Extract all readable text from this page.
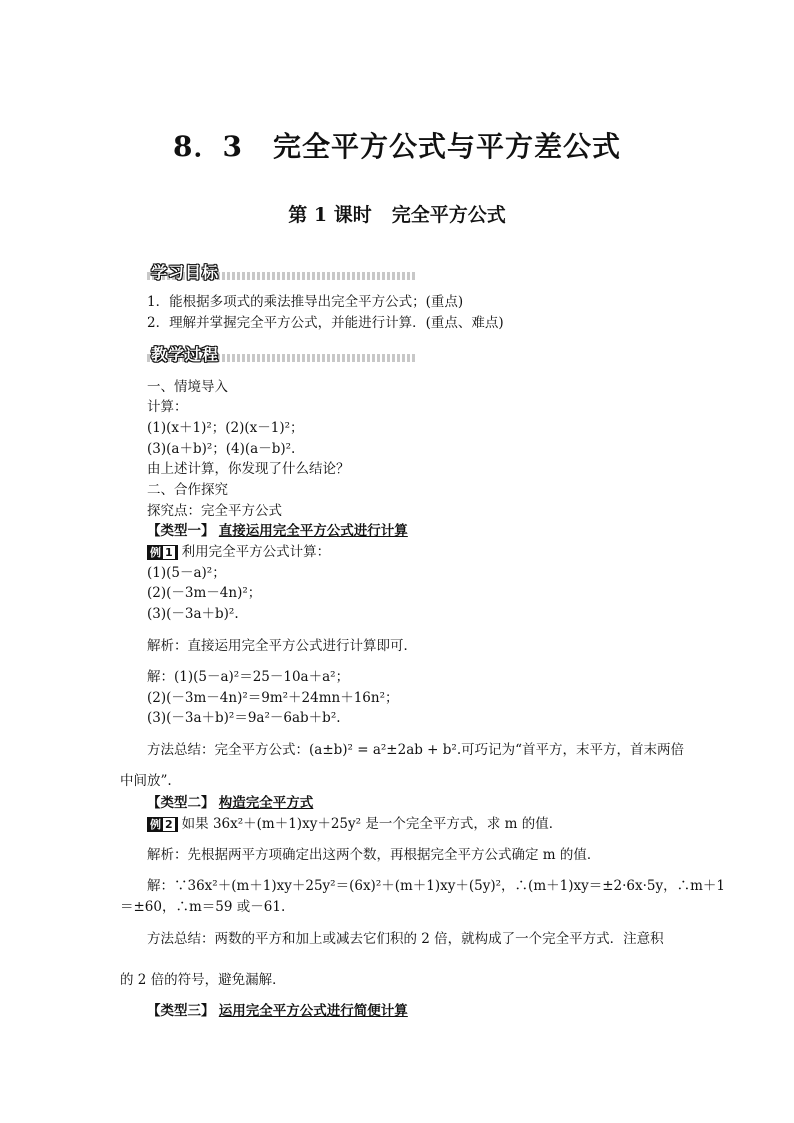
8．3 完全平方公式与平方差公式
第 1 课时 完全平方公式
学习目标
1．能根据多项式的乘法推导出完全平方公式；(重点)
2．理解并掌握完全平方公式，并能进行计算．(重点、难点)
教学过程
一、情境导入
计算：
(1)(x＋1)²；(2)(x－1)²；
(3)(a＋b)²；(4)(a－b)².
由上述计算，你发现了什么结论？
二、合作探究
探究点：完全平方公式
【类型一】 直接运用完全平方公式进行计算
例 1 利用完全平方公式计算：
(1)(5－a)²；
(2)(－3m－4n)²；
(3)(－3a＋b)².
解析：直接运用完全平方公式进行计算即可．
解：(1)(5－a)²＝25－10a＋a²；
(2)(－3m－4n)²＝9m²＋24mn＋16n²；
(3)(－3a＋b)²＝9a²－6ab＋b².
方法总结：完全平方公式：(a±b)² = a²±2ab + b².可巧记为“首平方，末平方，首末两倍
中间放”.
【类型二】 构造完全平方式
例 2 如果 36x²＋(m＋1)xy＋25y² 是一个完全平方式，求 m 的值．
解析：先根据两平方项确定出这两个数，再根据完全平方公式确定 m 的值．
解：∵36x²＋(m＋1)xy＋25y²＝(6x)²＋(m＋1)xy＋(5y)²，∴(m＋1)xy＝±2·6x·5y，∴m＋1
＝±60，∴m＝59 或－61.
方法总结：两数的平方和加上或减去它们积的 2 倍，就构成了一个完全平方式．注意积
的 2 倍的符号，避免漏解．
【类型三】 运用完全平方公式进行简便计算
